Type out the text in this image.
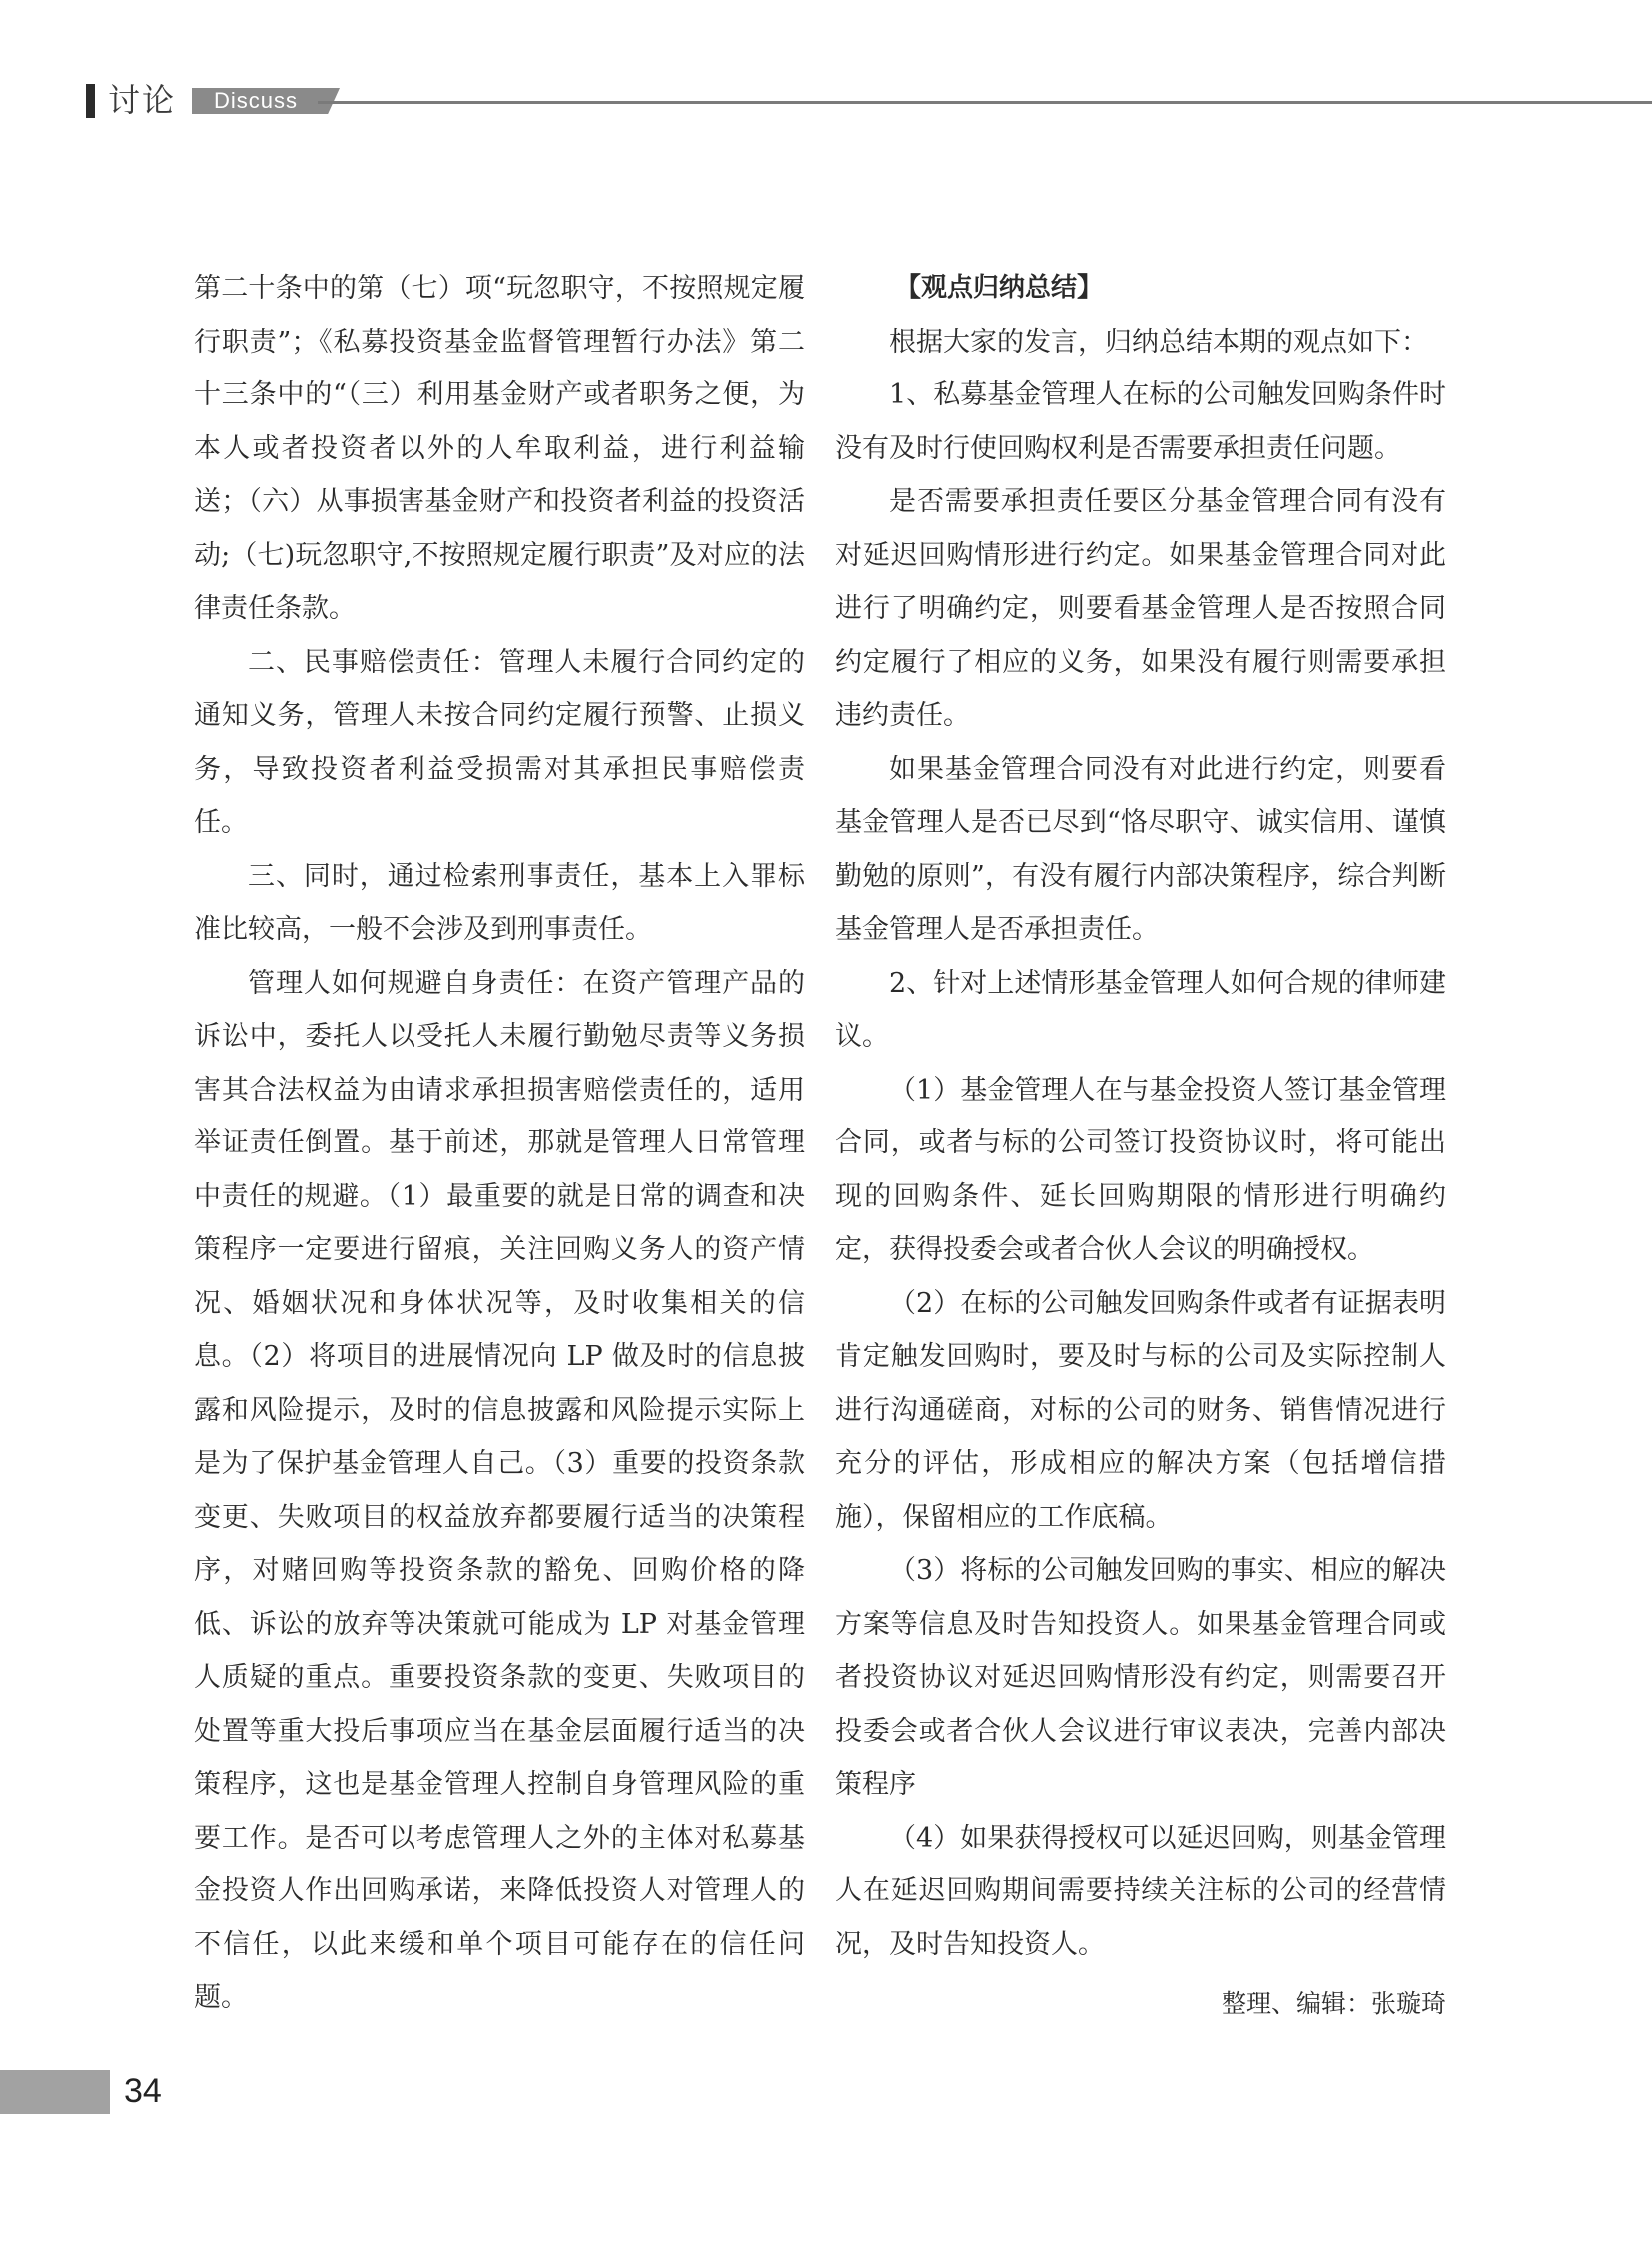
讨论 Discuss

第二十条中的第（七）项“玩忽职守，不按照规定履行职责”；《私募投资基金监督管理暂行办法》第二十三条中的“（三）利用基金财产或者职务之便，为本人或者投资者以外的人牟取利益，进行利益输送；（六）从事损害基金财产和投资者利益的投资活动;（七)玩忽职守,不按照规定履行职责”及对应的法律责任条款。

二、民事赔偿责任：管理人未履行合同约定的通知义务，管理人未按合同约定履行预警、止损义务，导致投资者利益受损需对其承担民事赔偿责任。

三、同时，通过检索刑事责任，基本上入罪标准比较高，一般不会涉及到刑事责任。

管理人如何规避自身责任：在资产管理产品的诉讼中，委托人以受托人未履行勤勉尽责等义务损害其合法权益为由请求承担损害赔偿责任的，适用举证责任倒置。基于前述，那就是管理人日常管理中责任的规避。（1）最重要的就是日常的调查和决策程序一定要进行留痕，关注回购义务人的资产情况、婚姻状况和身体状况等，及时收集相关的信息。（2）将项目的进展情况向 LP 做及时的信息披露和风险提示，及时的信息披露和风险提示实际上是为了保护基金管理人自己。（3）重要的投资条款变更、失败项目的权益放弃都要履行适当的决策程序，对赌回购等投资条款的豁免、回购价格的降低、诉讼的放弃等决策就可能成为 LP 对基金管理人质疑的重点。重要投资条款的变更、失败项目的处置等重大投后事项应当在基金层面履行适当的决策程序，这也是基金管理人控制自身管理风险的重要工作。是否可以考虑管理人之外的主体对私募基金投资人作出回购承诺，来降低投资人对管理人的不信任，以此来缓和单个项目可能存在的信任问题。

【观点归纳总结】

根据大家的发言，归纳总结本期的观点如下：

1、私募基金管理人在标的公司触发回购条件时没有及时行使回购权利是否需要承担责任问题。

是否需要承担责任要区分基金管理合同有没有对延迟回购情形进行约定。如果基金管理合同对此进行了明确约定，则要看基金管理人是否按照合同约定履行了相应的义务，如果没有履行则需要承担违约责任。

如果基金管理合同没有对此进行约定，则要看基金管理人是否已尽到“恪尽职守、诚实信用、谨慎勤勉的原则”，有没有履行内部决策程序，综合判断基金管理人是否承担责任。

2、针对上述情形基金管理人如何合规的律师建议。

（1）基金管理人在与基金投资人签订基金管理合同，或者与标的公司签订投资协议时，将可能出现的回购条件、延长回购期限的情形进行明确约定，获得投委会或者合伙人会议的明确授权。

（2）在标的公司触发回购条件或者有证据表明肯定触发回购时，要及时与标的公司及实际控制人进行沟通磋商，对标的公司的财务、销售情况进行充分的评估，形成相应的解决方案（包括增信措施），保留相应的工作底稿。

（3）将标的公司触发回购的事实、相应的解决方案等信息及时告知投资人。如果基金管理合同或者投资协议对延迟回购情形没有约定，则需要召开投委会或者合伙人会议进行审议表决，完善内部决策程序

（4）如果获得授权可以延迟回购，则基金管理人在延迟回购期间需要持续关注标的公司的经营情况，及时告知投资人。

整理、编辑：张璇琦

34
